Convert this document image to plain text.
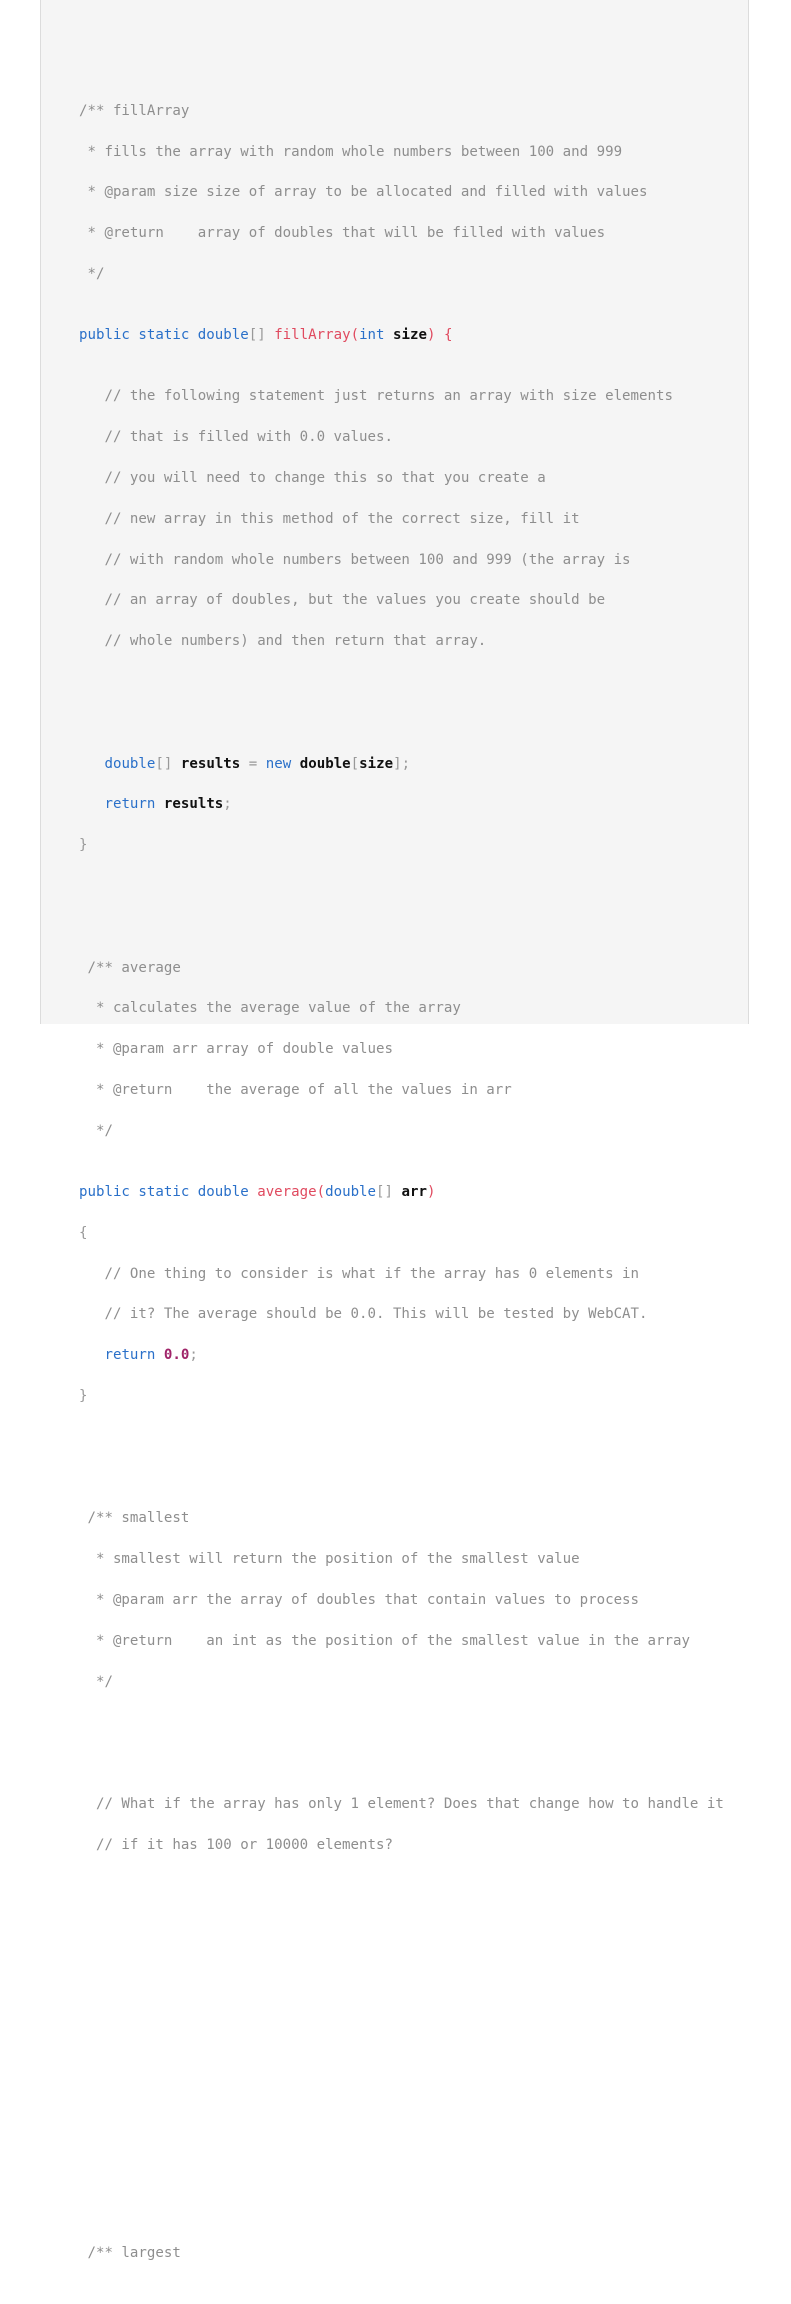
/** fillArray

* fills the array with random whole numbers between 100 and 999

* @param size size of array to be allocated and filled with values

* @return    array of doubles that will be filled with values

*/

public static double[] fillArray(int size) {

// the following statement just returns an array with size elements

// that is filled with 0.0 values.

// you will need to change this so that you create a

// new array in this method of the correct size, fill it

// with random whole numbers between 100 and 999 (the array is

// an array of doubles, but the values you create should be

// whole numbers) and then return that array.

double[] results = new double[size];

return results;

}

/** average

* calculates the average value of the array

* @param arr array of double values

* @return    the average of all the values in arr

*/

public static double average(double[] arr)

{

// One thing to consider is what if the array has 0 elements in

// it? The average should be 0.0. This will be tested by WebCAT.

return 0.0;

}

/** smallest

* smallest will return the position of the smallest value

* @param arr the array of doubles that contain values to process

* @return    an int as the position of the smallest value in the array

*/

// What if the array has only 1 element? Does that change how to handle it

// if it has 100 or 10000 elements?

/** largest
